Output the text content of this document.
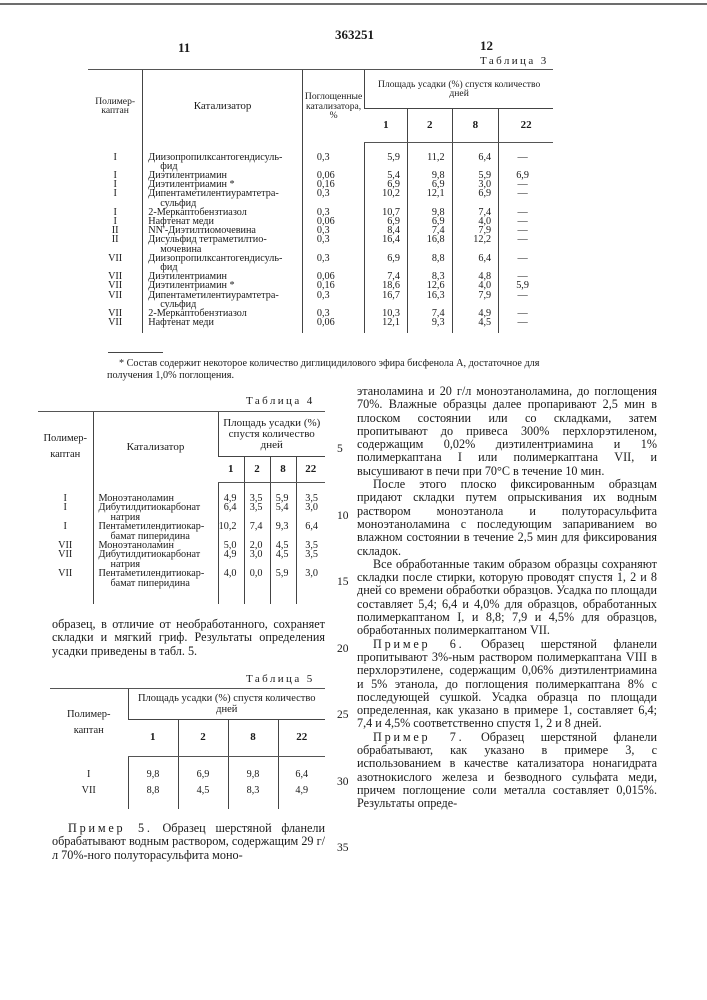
363251
11	12
Таблица 3
Полимер-каптан	Катализатор	Поглощенные катализатора, %	Площадь усадки (%) спустя количество дней			
			1	2	8	22
I	Диизопропилксантогендисуль-
фид	0,3	5,9	11,2	6,4	—
I	Диэтилентриамин	0,06	5,4	9,8	5,9	6,9
I	Диэтилентриамин *	0,16	6,9	6,9	3,0	—
I	Дипентаметилентиурамтетра-
сульфид	0,3	10,2	12,1	6,9	—
I	2-Меркаптобензтиазол	0,3	10,7	9,8	7,4	—
I	Нафтенат меди	0,06	6,9	6,9	4,0	—
II	NN'-Диэтилтиомочевина	0,3	8,4	7,4	7,9	—
II	Дисульфид тетраметилтио-
мочевина	0,3	16,4	16,8	12,2	—
VII	Диизопропилксантогендисуль-
фид	0,3	6,9	8,8	6,4	—
VII	Диэтилентриамин	0,06	7,4	8,3	4,8	—
VII	Диэтилентриамин *	0,16	18,6	12,6	4,0	5,9
VII	Дипентаметилентиурамтетра-
сульфид	0,3	16,7	16,3	7,9	—
VII	2-Меркаптобензтиазол	0,3	10,3	7,4	4,9	—
VII	Нафтенат меди	0,06	12,1	9,3	4,5	—
* Состав содержит некоторое количество диглицидилового эфира бисфенола А, достаточное для получения 1,0% поглощения.
Таблица 4
Полимер-каптан	Катализатор	Площадь усадки (%) спустя количество дней			
		1	2	8	22
I	Моноэтаноламин	4,9	3,5	5,9	3,5
I	Дибутилдитиокарбонат
натрия	6,4	3,5	5,4	3,0
I	Пентаметилендитиокар-
бамат пиперидина	10,2	7,4	9,3	6,4
VII	Моноэтаноламин	5,0	2,0	4,5	3,5
VII	Дибутилдитиокарбонат
натрия	4,9	3,0	4,5	3,5
VII	Пентаметилендитиокар-
бамат пиперидина	4,0	0,0	5,9	3,0

образец, в отличие от необработанного, сохраняет складки и мягкий гриф. Результаты определения усадки приведены в табл. 5.

Таблица 5
Полимер-каптан	Площадь усадки (%) спустя количество дней			
	1	2	8	22
I	9,8	6,9	9,8	6,4
VII	8,8	4,5	8,3	4,9

Пример 5. Образец шерстяной фланели обрабатывают водным раствором, содержащим 29 г/л 70%-ного полуторасульфита моно-

этаноламина и 20 г/л моноэтаноламина, до поглощения 70%. Влажные образцы далее пропаривают 2,5 мин в плоском состоянии или со складками, затем пропитывают до привеса 300% перхлорэтиленом, содержащим 0,02% диэтилентриамина и 1% полимеркаптана I или полимеркаптана VII, и высушивают в печи при 70°С в течение 10 мин.

После этого плоско фиксированным образцам придают складки путем опрыскивания их водным раствором моноэтанола и полуторасульфита моноэтаноламина с последующим запариванием во влажном состоянии в течение 2,5 мин для фиксирования складок.

Все обработанные таким образом образцы сохраняют складки после стирки, которую проводят спустя 1, 2 и 8 дней со времени обработки образцов. Усадка по площади составляет 5,4; 6,4 и 4,0% для образцов, обработанных полимеркаптаном I, и 8,8; 7,9 и 4,5% для образцов, обработанных полимеркаптаном VII.

Пример 6. Образец шерстяной фланели пропитывают 3%-ным раствором полимеркаптана VIII в перхлорэтилене, содержащим 0,06% диэтилентриамина и 5% этанола, до поглощения полимеркаптана 8% с последующей сушкой. Усадка образца по площади определенная, как указано в примере 1, составляет 6,4; 7,4 и 4,5% соответственно спустя 1, 2 и 8 дней.

Пример 7. Образец шерстяной фланели обрабатывают, как указано в примере 3, с использованием в качестве катализатора нонагидрата азотнокислого железа и безводного сульфата меди, причем поглощение соли металла составляет 0,015%. Результаты опреде-

5
10
15
20
25
30
35
